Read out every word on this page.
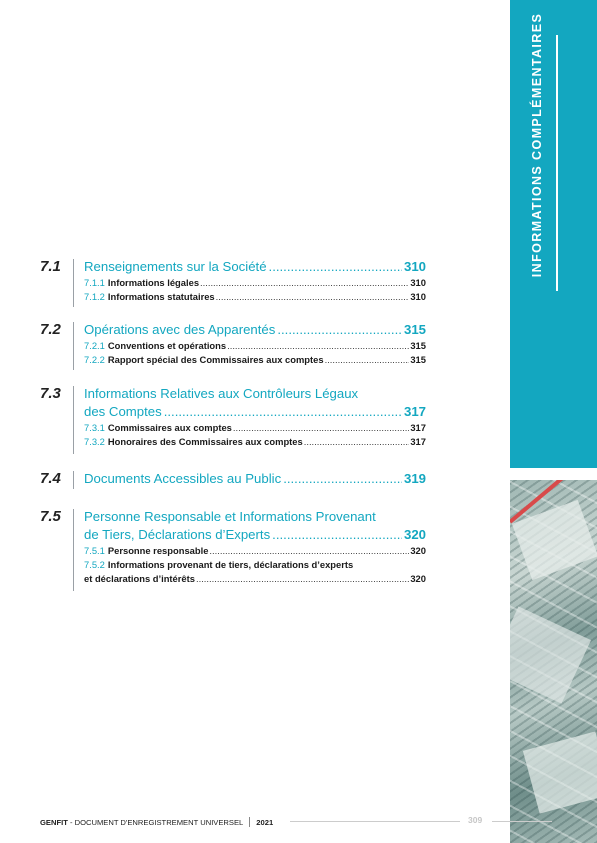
INFORMATIONS COMPLÉMENTAIRES
7.1	Renseignements sur la Société .....	310
7.1.1 Informations légales .....	310
7.1.2 Informations statutaires .....	310
7.2	Opérations avec des Apparentés .....	315
7.2.1 Conventions et opérations .....	315
7.2.2 Rapport spécial des Commissaires aux comptes .....	315
7.3	Informations Relatives aux Contrôleurs Légaux
des Comptes .....	317
7.3.1 Commissaires aux comptes .....	317
7.3.2 Honoraires des Commissaires aux comptes .....	317
7.4	Documents Accessibles au Public .....	319
7.5	Personne Responsable et Informations Provenant
de Tiers, Déclarations d’Experts .....	320
7.5.1 Personne responsable .....	320
7.5.2 Informations provenant de tiers, déclarations d’experts
et déclarations d’intérêts .....	320
GENFIT - DOCUMENT D'ENREGISTREMENT UNIVERSEL 2021	309
